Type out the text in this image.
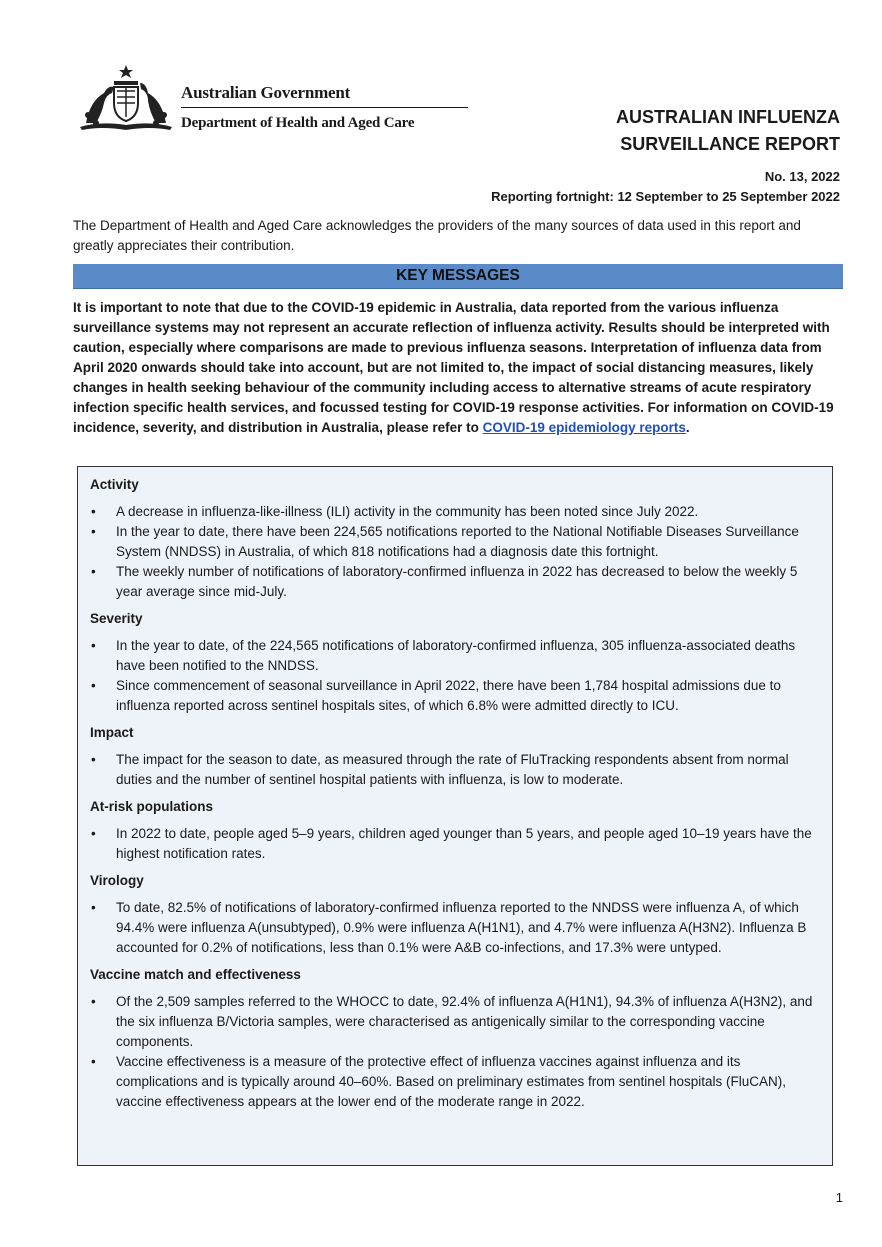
Australian Government
Department of Health and Aged Care	AUSTRALIAN INFLUENZA
SURVEILLANCE REPORT
No. 13, 2022
Reporting fortnight: 12 September to 25 September 2022
The Department of Health and Aged Care acknowledges the providers of the many sources of data used in this report and greatly appreciates their contribution.
KEY MESSAGES
It is important to note that due to the COVID-19 epidemic in Australia, data reported from the various influenza surveillance systems may not represent an accurate reflection of influenza activity. Results should be interpreted with caution, especially where comparisons are made to previous influenza seasons. Interpretation of influenza data from April 2020 onwards should take into account, but are not limited to, the impact of social distancing measures, likely changes in health seeking behaviour of the community including access to alternative streams of acute respiratory infection specific health services, and focussed testing for COVID-19 response activities. For information on COVID-19 incidence, severity, and distribution in Australia, please refer to COVID-19 epidemiology reports.
Activity
• A decrease in influenza-like-illness (ILI) activity in the community has been noted since July 2022.
• In the year to date, there have been 224,565 notifications reported to the National Notifiable Diseases Surveillance System (NNDSS) in Australia, of which 818 notifications had a diagnosis date this fortnight.
• The weekly number of notifications of laboratory-confirmed influenza in 2022 has decreased to below the weekly 5 year average since mid-July.
Severity
• In the year to date, of the 224,565 notifications of laboratory-confirmed influenza, 305 influenza-associated deaths have been notified to the NNDSS.
• Since commencement of seasonal surveillance in April 2022, there have been 1,784 hospital admissions due to influenza reported across sentinel hospitals sites, of which 6.8% were admitted directly to ICU.
Impact
• The impact for the season to date, as measured through the rate of FluTracking respondents absent from normal duties and the number of sentinel hospital patients with influenza, is low to moderate.
At-risk populations
• In 2022 to date, people aged 5–9 years, children aged younger than 5 years, and people aged 10–19 years have the highest notification rates.
Virology
• To date, 82.5% of notifications of laboratory-confirmed influenza reported to the NNDSS were influenza A, of which 94.4% were influenza A(unsubtyped), 0.9% were influenza A(H1N1), and 4.7% were influenza A(H3N2). Influenza B accounted for 0.2% of notifications, less than 0.1% were A&B co-infections, and 17.3% were untyped.
Vaccine match and effectiveness
• Of the 2,509 samples referred to the WHOCC to date, 92.4% of influenza A(H1N1), 94.3% of influenza A(H3N2), and the six influenza B/Victoria samples, were characterised as antigenically similar to the corresponding vaccine components.
• Vaccine effectiveness is a measure of the protective effect of influenza vaccines against influenza and its complications and is typically around 40–60%. Based on preliminary estimates from sentinel hospitals (FluCAN), vaccine effectiveness appears at the lower end of the moderate range in 2022.
1
